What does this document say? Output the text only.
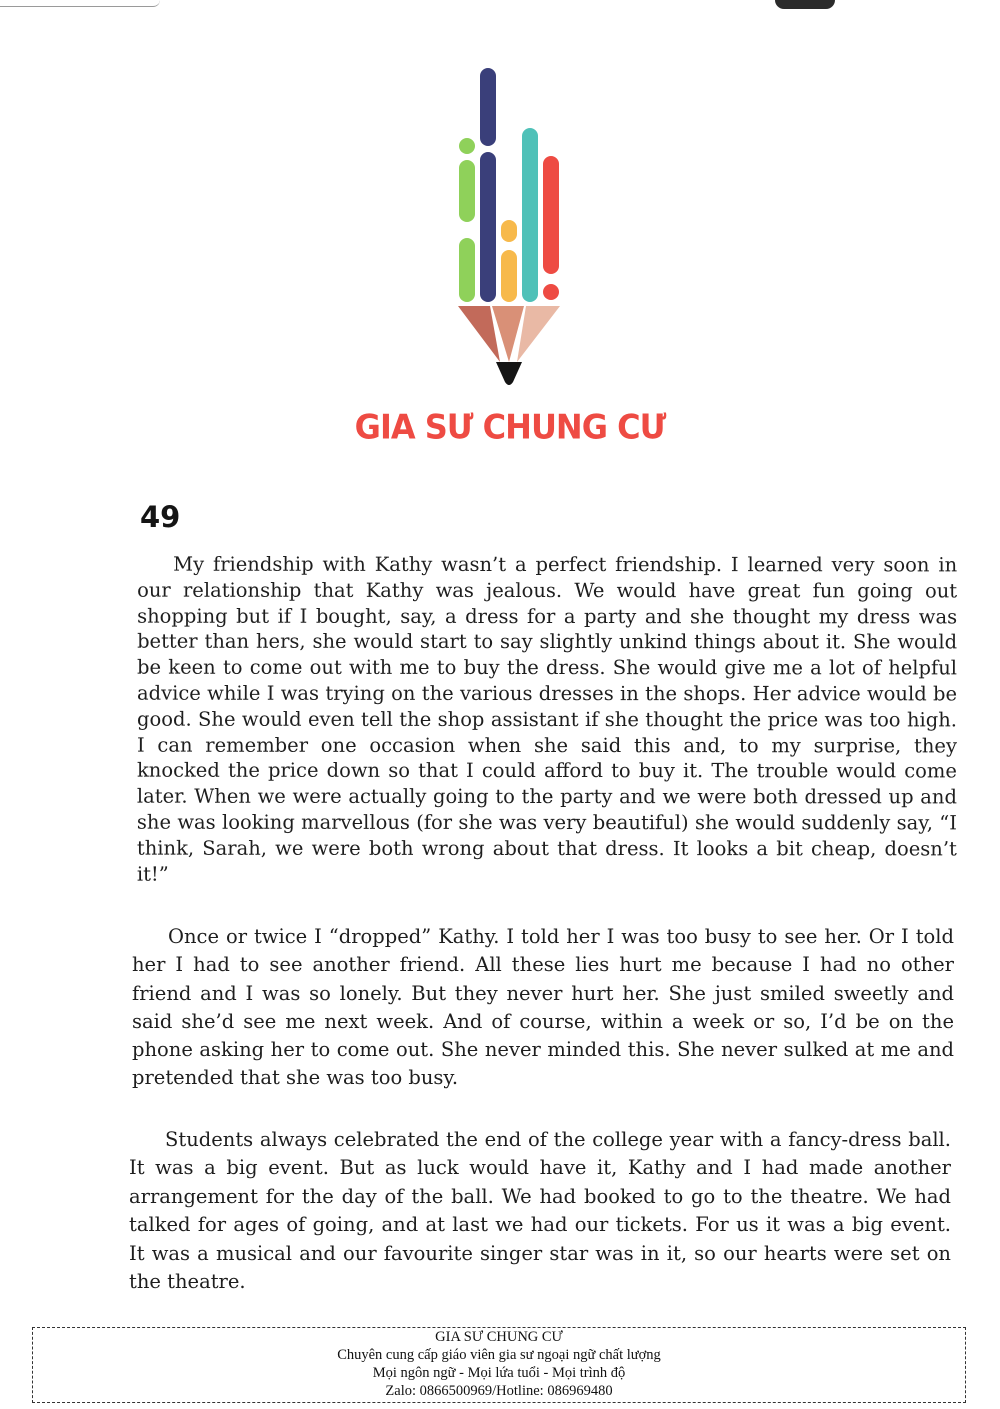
GIA SƯ CHUNG CƯ
49

My friendship with Kathy wasn’t a perfect friendship. I learned very soon in our relationship that Kathy was jealous. We would have great fun going out shopping but if I bought, say, a dress for a party and she thought my dress was better than hers, she would start to say slightly unkind things about it. She would be keen to come out with me to buy the dress. She would give me a lot of helpful advice while I was trying on the various dresses in the shops. Her advice would be good. She would even tell the shop assistant if she thought the price was too high. I can remember one occasion when she said this and, to my surprise, they knocked the price down so that I could afford to buy it. The trouble would come later. When we were actually going to the party and we were both dressed up and she was looking marvellous (for she was very beautiful) she would suddenly say, “I think, Sarah, we were both wrong about that dress. It looks a bit cheap, doesn’t it!”

Once or twice I “dropped” Kathy. I told her I was too busy to see her. Or I told her I had to see another friend. All these lies hurt me because I had no other friend and I was so lonely. But they never hurt her. She just smiled sweetly and said she’d see me next week. And of course, within a week or so, I’d be on the phone asking her to come out. She never minded this. She never sulked at me and pretended that she was too busy.

Students always celebrated the end of the college year with a fancy-dress ball. It was a big event. But as luck would have it, Kathy and I had made another arrangement for the day of the ball. We had booked to go to the theatre. We had talked for ages of going, and at last we had our tickets. For us it was a big event. It was a musical and our favourite singer star was in it, so our hearts were set on the theatre.

GIA SƯ CHUNG CƯ
Chuyên cung cấp giáo viên gia sư ngoại ngữ chất lượng
Mọi ngôn ngữ - Mọi lứa tuổi - Mọi trình độ
Zalo: 0866500969/Hotline: 086969480
